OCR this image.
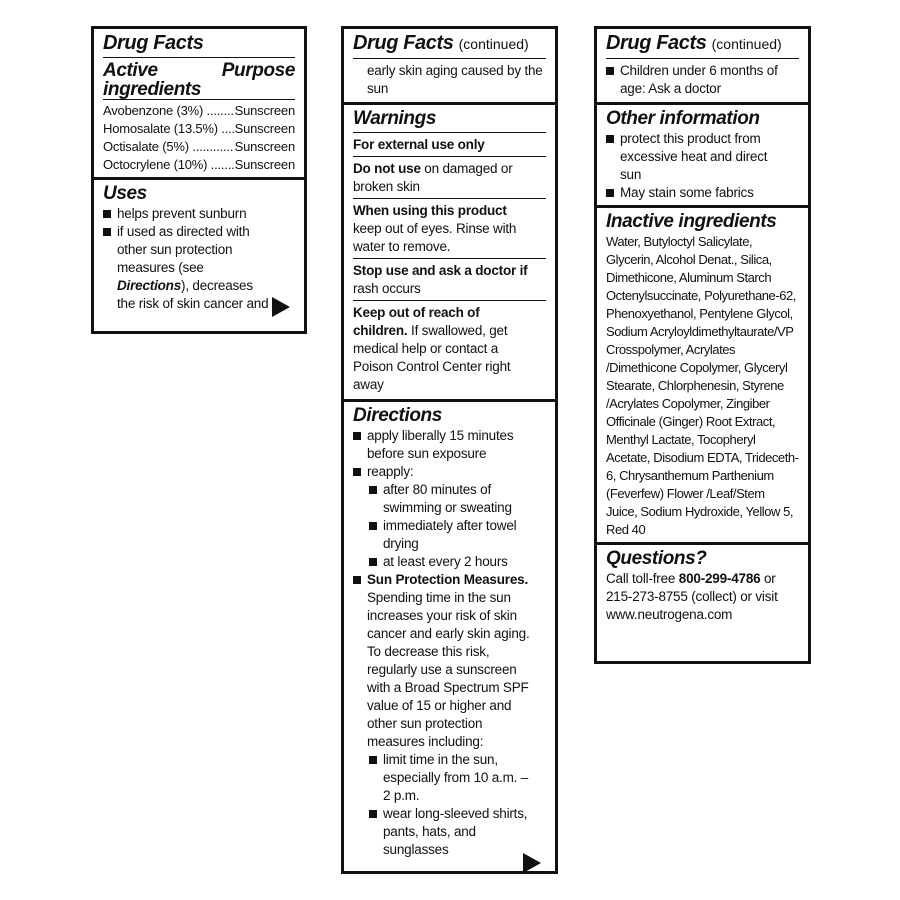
Drug Facts
Active ingredients
Purpose
Avobenzone (3%) .....	Sunscreen
Homosalate (13.5%) .....	Sunscreen
Octisalate (5%) .....	Sunscreen
Octocrylene (10%) .....	Sunscreen
Uses
helps prevent sunburn
if used as directed with other sun protection measures (see Directions), decreases the risk of skin cancer and
Drug Facts (continued)
early skin aging caused by the sun
Warnings
For external use only
Do not use on damaged or broken skin
When using this product
keep out of eyes. Rinse with water to remove.
Stop use and ask a doctor if
rash occurs
Keep out of reach of children. If swallowed, get medical help or contact a Poison Control Center right away
Directions
apply liberally 15 minutes before sun exposure
reapply:
after 80 minutes of swimming or sweating
immediately after towel drying
at least every 2 hours
Sun Protection Measures.
Spending time in the sun increases your risk of skin cancer and early skin aging. To decrease this risk, regularly use a sunscreen with a Broad Spectrum SPF value of 15 or higher and other sun protection measures including:
limit time in the sun, especially from 10 a.m. – 2 p.m.
wear long-sleeved shirts, pants, hats, and sunglasses
Drug Facts (continued)
Children under 6 months of age: Ask a doctor
Other information
protect this product from excessive heat and direct sun
May stain some fabrics
Inactive ingredients
Water, Butyloctyl Salicylate, Glycerin, Alcohol Denat., Silica, Dimethicone, Aluminum Starch Octenylsuccinate, Polyurethane-62, Phenoxyethanol, Pentylene Glycol, Sodium Acryloyldimethyltaurate/VP Crosspolymer, Acrylates /Dimethicone Copolymer, Glyceryl Stearate, Chlorphenesin, Styrene /Acrylates Copolymer, Zingiber Officinale (Ginger) Root Extract, Menthyl Lactate, Tocopheryl Acetate, Disodium EDTA, Trideceth-6, Chrysanthemum Parthenium (Feverfew) Flower /Leaf/Stem Juice, Sodium Hydroxide, Yellow 5, Red 40
Questions?
Call toll-free 800-299-4786 or 215-273-8755 (collect) or visit www.neutrogena.com
